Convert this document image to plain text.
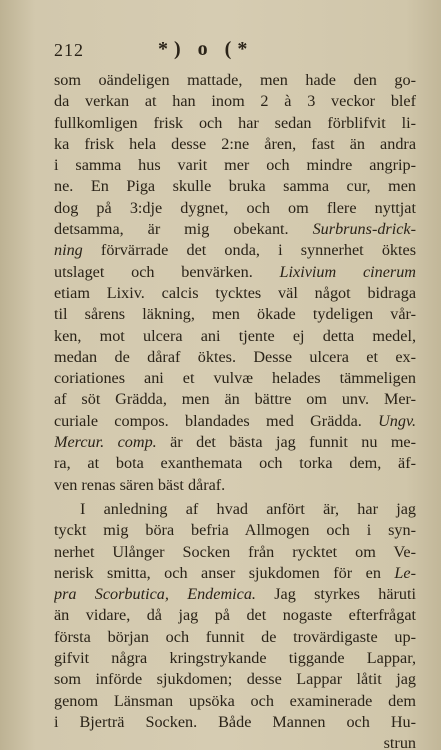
212	*) o (*
som oändeligen mattade, men hade den go-
da verkan at han inom 2 à 3 veckor blef
fullkomligen frisk och har sedan förblifvit li-
ka frisk hela desse 2:ne åren, fast än andra
i samma hus varit mer och mindre angrip-
ne. En Piga skulle bruka samma cur, men
dog på 3:dje dygnet, och om flere nyttjat
detsamma, är mig obekant. Surbruns-drick-
ning förvärrade det onda, i synnerhet öktes
utslaget och benvärken. Lixivium cinerum
etiam Lixiv. calcis tycktes väl något bidraga
til sårens läkning, men ökade tydeligen vår-
ken, mot ulcera ani tjente ej detta medel,
medan de dåraf öktes. Desse ulcera et ex-
coriationes ani et vulvæ helades tämmeligen
af söt Grädda, men än bättre om unv. Mer-
curiale compos. blandades med Grädda. Ungv.
Mercur. comp. är det bästa jag funnit nu me-
ra, at bota exanthemata och torka dem, äf-
ven renas sären bäst dåraf.
I anledning af hvad anfört är, har jag
tyckt mig böra befria Allmogen och i syn-
nerhet Ulånger Socken från rycktet om Ve-
nerisk smitta, och anser sjukdomen för en Le-
pra Scorbutica, Endemica. Jag styrkes häruti
än vidare, då jag på det nogaste efterfrågat
första början och funnit de trovärdigaste up-
gifvit några kringstrykande tiggande Lappar,
som införde sjukdomen; desse Lappar låtit jag
genom Länsman upsöka och examinerade dem
i Bjerträ Socken. Både Mannen och Hu-
strun
